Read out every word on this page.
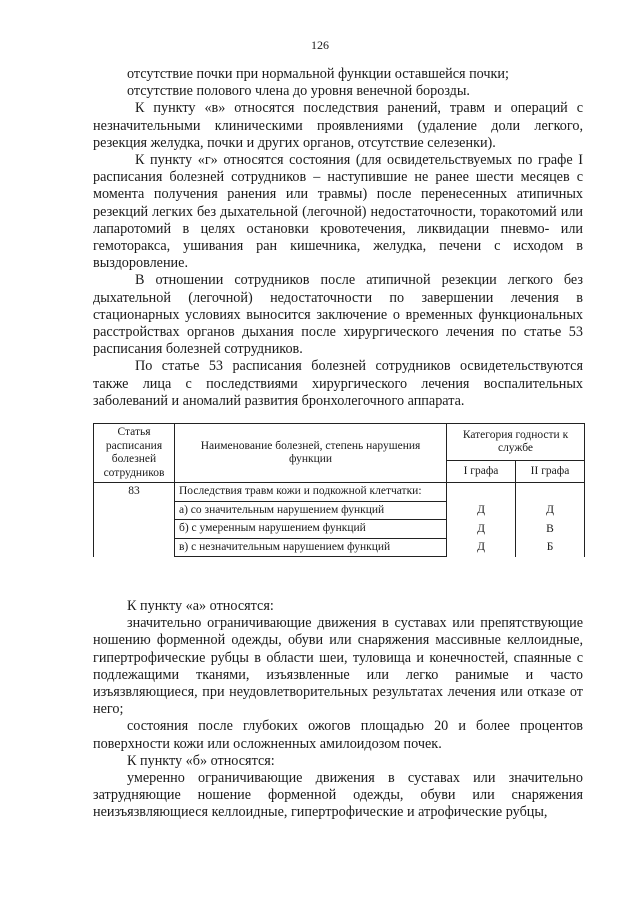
126

отсутствие почки при нормальной функции оставшейся почки;

отсутствие полового члена до уровня венечной борозды.

К пункту «в» относятся последствия ранений, травм и операций с незначительными клиническими проявлениями (удаление доли легкого, резекция желудка, почки и других органов, отсутствие селезенки).

К пункту «г» относятся состояния (для освидетельствуемых по графе I расписания болезней сотрудников – наступившие не ранее шести месяцев с момента получения ранения или травмы) после перенесенных атипичных резекций легких без дыхательной (легочной) недостаточности, торакотомий или лапаротомий в целях остановки кровотечения, ликвидации пневмо- или гемоторакса, ушивания ран кишечника, желудка, печени с исходом в выздоровление.

В отношении сотрудников после атипичной резекции легкого без дыхательной (легочной) недостаточности по завершении лечения в стационарных условиях выносится заключение о временных функциональных расстройствах органов дыхания после хирургического лечения по статье 53 расписания болезней сотрудников.

По статье 53 расписания болезней сотрудников освидетельствуются также лица с последствиями хирургического лечения воспалительных заболеваний и аномалий развития бронхолегочного аппарата.

Статья расписания болезней сотрудников	Наименование болезней, степень нарушения функции	Категория годности к службе	
		I графа	II графа
83	Последствия травм кожи и подкожной клетчатки:		
	а) со значительным нарушением функций	Д	Д
	б) с умеренным нарушением функций	Д	В
	в) с незначительным нарушением функций	Д	Б

К пункту «а» относятся:

значительно ограничивающие движения в суставах или препятствующие ношению форменной одежды, обуви или снаряжения массивные келлоидные, гипертрофические рубцы в области шеи, туловища и конечностей, спаянные с подлежащими тканями, изъязвленные или легко ранимые и часто изъязвляющиеся, при неудовлетворительных результатах лечения или отказе от него;

состояния после глубоких ожогов площадью 20 и более процентов поверхности кожи или осложненных амилоидозом почек.

К пункту «б» относятся:

умеренно ограничивающие движения в суставах или значительно затрудняющие ношение форменной одежды, обуви или снаряжения неизъязвляющиеся келлоидные, гипертрофические и атрофические рубцы,
